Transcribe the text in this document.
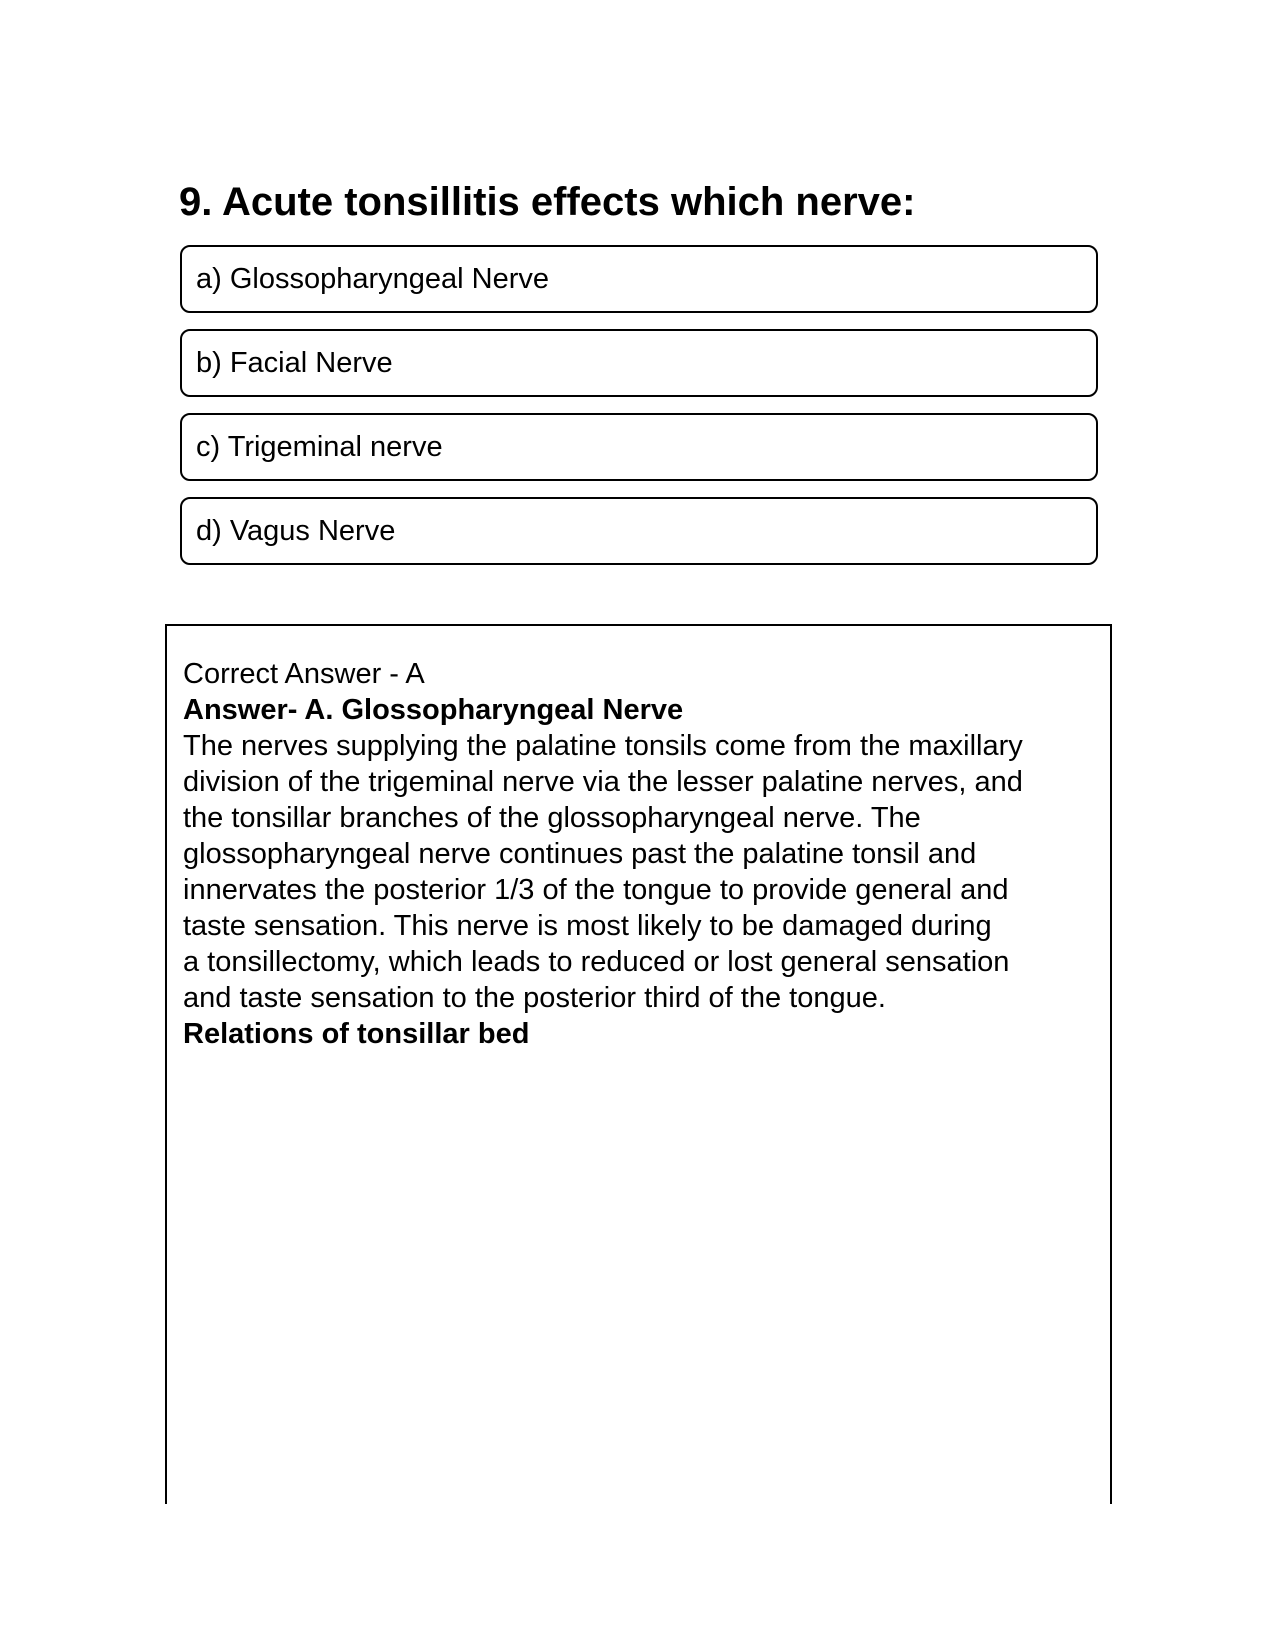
9. Acute tonsillitis effects which nerve:
a) Glossopharyngeal Nerve
b) Facial Nerve
c) Trigeminal nerve
d) Vagus Nerve

Correct Answer - A

Answer- A. Glossopharyngeal Nerve

The nerves supplying the palatine tonsils come from the maxillary

division of the trigeminal nerve via the lesser palatine nerves, and

the tonsillar branches of the glossopharyngeal nerve. The

glossopharyngeal nerve continues past the palatine tonsil and

innervates the posterior 1/3 of the tongue to provide general and

taste sensation. This nerve is most likely to be damaged during

a tonsillectomy, which leads to reduced or lost general sensation

and taste sensation to the posterior third of the tongue.

Relations of tonsillar bed
